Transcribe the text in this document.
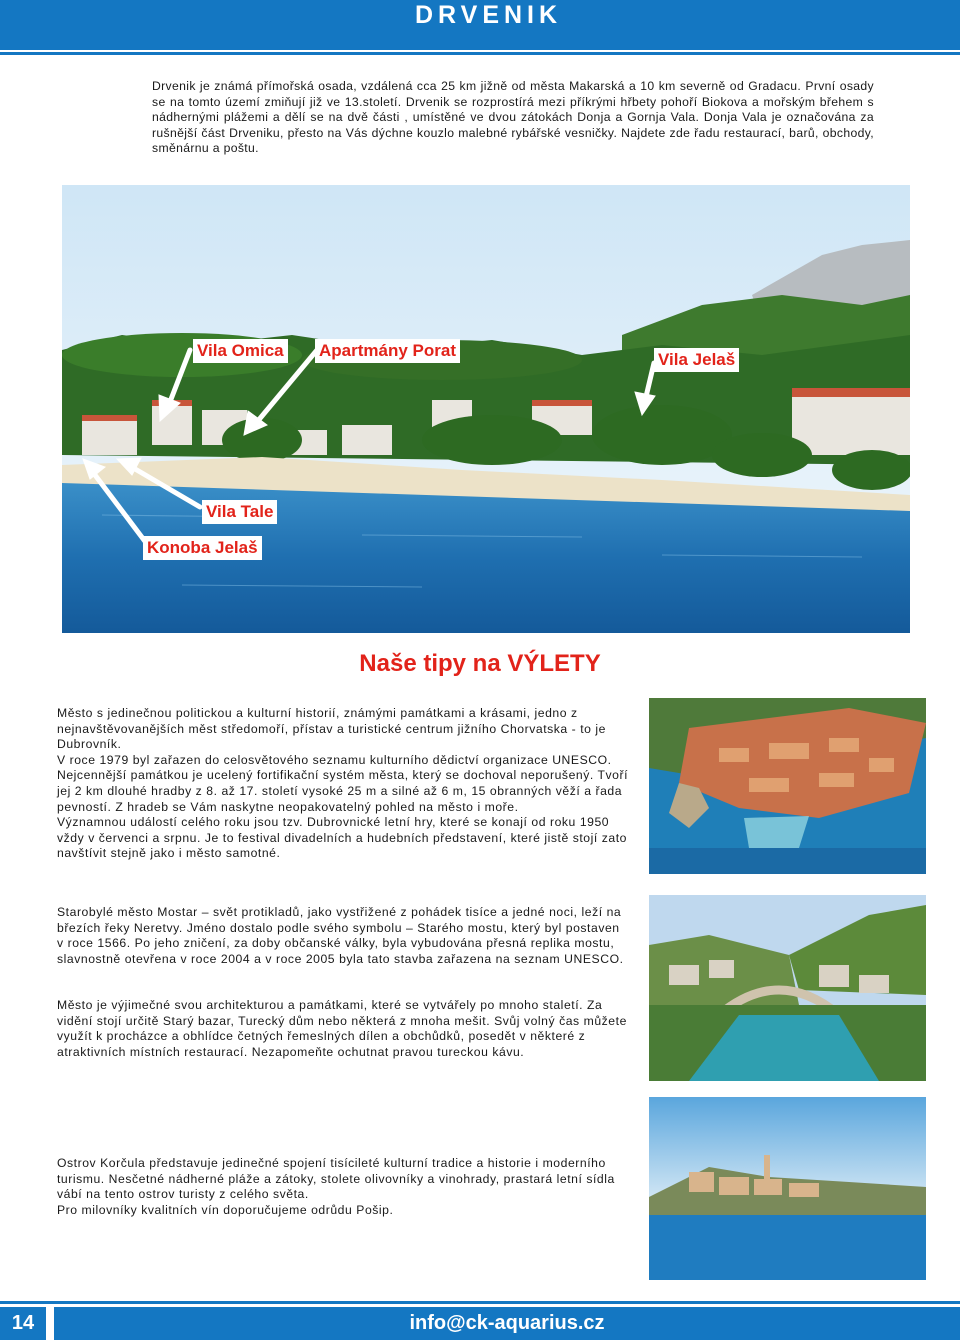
DRVENIK

Drvenik je známá přímořská osada, vzdálená cca 25 km jižně od města Makarská a 10 km severně od Gradacu. První osady se na tomto území zmiňují již ve 13.století. Drvenik se rozprostírá mezi příkrými hřbety pohoří Biokova a mořským břehem s nádhernými plážemi a dělí se na dvě části , umístěné ve dvou zátokách Donja a Gornja Vala. Donja Vala je označována za rušnější část Drveniku, přesto na Vás dýchne kouzlo malebné rybářské vesničky. Najdete zde řadu restaurací, barů, obchody, směnárnu a poštu.

Vila Omica Apartmány Porat	Vila Jelaš
Vila Tale
Konoba Jelaš
Naše tipy na VÝLETY

Město s jedinečnou politickou a kulturní historií, známými památkami a krásami, jedno z nejnavštěvovanějších měst středomoří, přístav a turistické centrum jižního Chorvatska - to je Dubrovník.

V roce 1979 byl zařazen do celosvětového seznamu kulturního dědictví organizace UNESCO. Nejcennější památkou je ucelený fortifikační systém města, který se dochoval neporušený. Tvoří jej 2 km dlouhé hradby z 8. až 17. století vysoké 25 m a silné až 6 m, 15 obranných věží a řada pevností. Z hradeb se Vám naskytne neopakovatelný pohled na město i moře.

Významnou událostí celého roku jsou tzv. Dubrovnické letní hry, které se konají od roku 1950 vždy v červenci a srpnu. Je to festival divadelních a hudebních představení, které jistě stojí zato navštívit stejně jako i město samotné.

Starobylé město Mostar – svět protikladů, jako vystřižené z pohádek tisíce a jedné noci, leží na březích řeky Neretvy. Jméno dostalo podle svého symbolu – Starého mostu, který byl postaven v roce 1566. Po jeho zničení, za doby občanské války, byla vybudována přesná replika mostu, slavnostně otevřena v roce 2004 a v roce 2005 byla tato stavba zařazena na seznam UNESCO.

Město je výjimečné svou architekturou a památkami, které se vytvářely po mnoho staletí. Za vidění stojí určitě Starý bazar, Turecký dům nebo některá z mnoha mešit. Svůj volný čas můžete využít k procházce a obhlídce četných řemeslných dílen a obchůdků, posedět v některé z atraktivních místních restaurací. Nezapomeňte ochutnat pravou tureckou kávu.

Ostrov Korčula představuje jedinečné spojení tisícileté kulturní tradice a historie i moderního turismu. Nesčetné nádherné pláže a zátoky, stolete olivovníky a vinohrady, prastará letní sídla vábí na tento ostrov turisty z celého světa.

Pro milovníky kvalitních vín doporučujeme odrůdu Pošip.

14	info@ck-aquarius.cz
